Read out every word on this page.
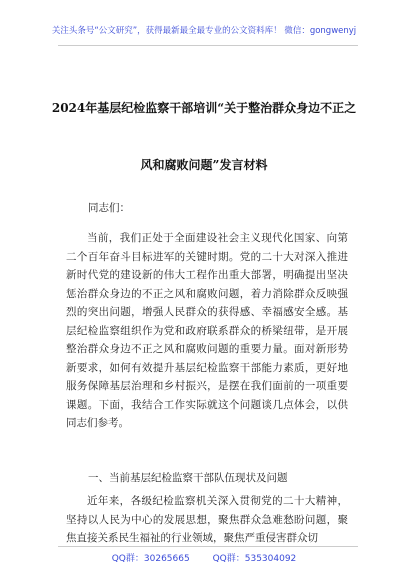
关注头条号“公文研究”，获得最新最全最专业的公文资料库！ 微信：gongwenyj
2024年基层纪检监察干部培训“关于整治群众身边不正之
风和腐败问题”发言材料
同志们：

当前，我们正处于全面建设社会主义现代化国家、向第二个百年奋斗目标进军的关键时期。党的二十大对深入推进新时代党的建设新的伟大工程作出重大部署，明确提出坚决惩治群众身边的不正之风和腐败问题，着力消除群众反映强烈的突出问题，增强人民群众的获得感、幸福感安全感。基层纪检监察组织作为党和政府联系群众的桥梁纽带，是开展整治群众身边不正之风和腐败问题的重要力量。面对新形势新要求，如何有效提升基层纪检监察干部能力素质，更好地服务保障基层治理和乡村振兴，是摆在我们面前的一项重要课题。下面，我结合工作实际就这个问题谈几点体会，以供同志们参考。

一、当前基层纪检监察干部队伍现状及问题

近年来，各级纪检监察机关深入贯彻党的二十大精神，坚持以人民为中心的发展思想，聚焦群众急难愁盼问题，聚焦直接关系民生福祉的行业领域，聚焦严重侵害群众切

QQ群：30265665	QQ群：535304092
